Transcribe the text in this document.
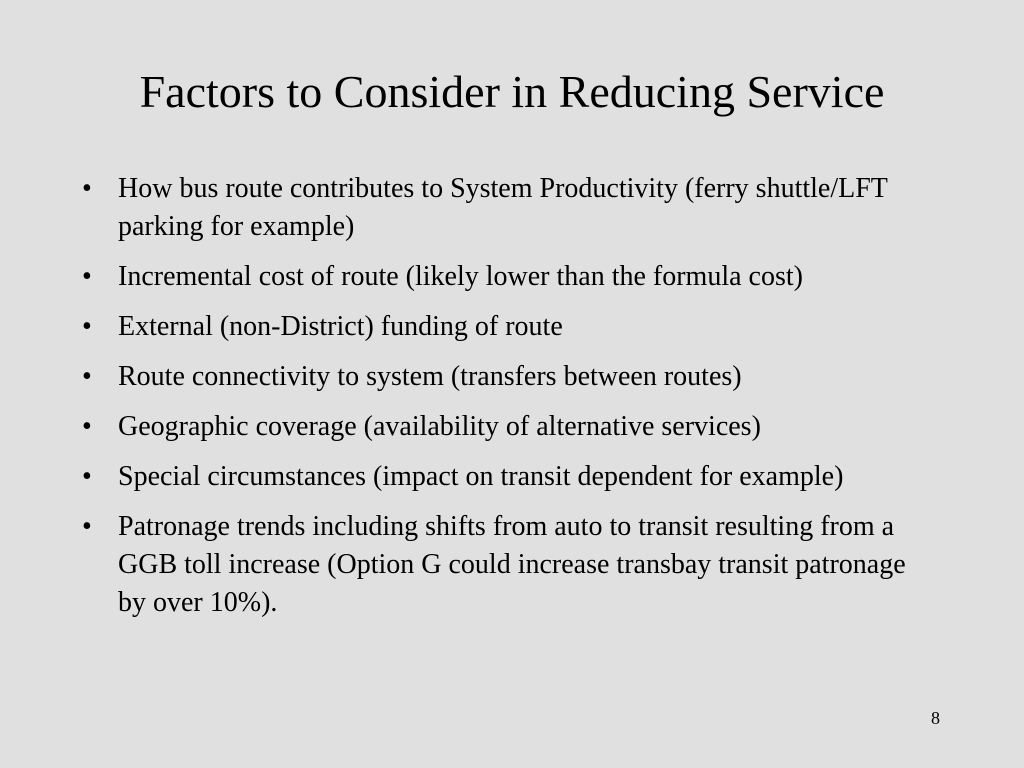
Factors to Consider in Reducing Service
• How bus route contributes to System Productivity (ferry shuttle/LFT parking for example)
• Incremental cost of route (likely lower than the formula cost)
• External (non-District) funding of route
• Route connectivity to system (transfers between routes)
• Geographic coverage (availability of alternative services)
• Special circumstances (impact on transit dependent for example)
• Patronage trends including shifts from auto to transit resulting from a GGB toll increase (Option G could increase transbay transit patronage by over 10%).
8
